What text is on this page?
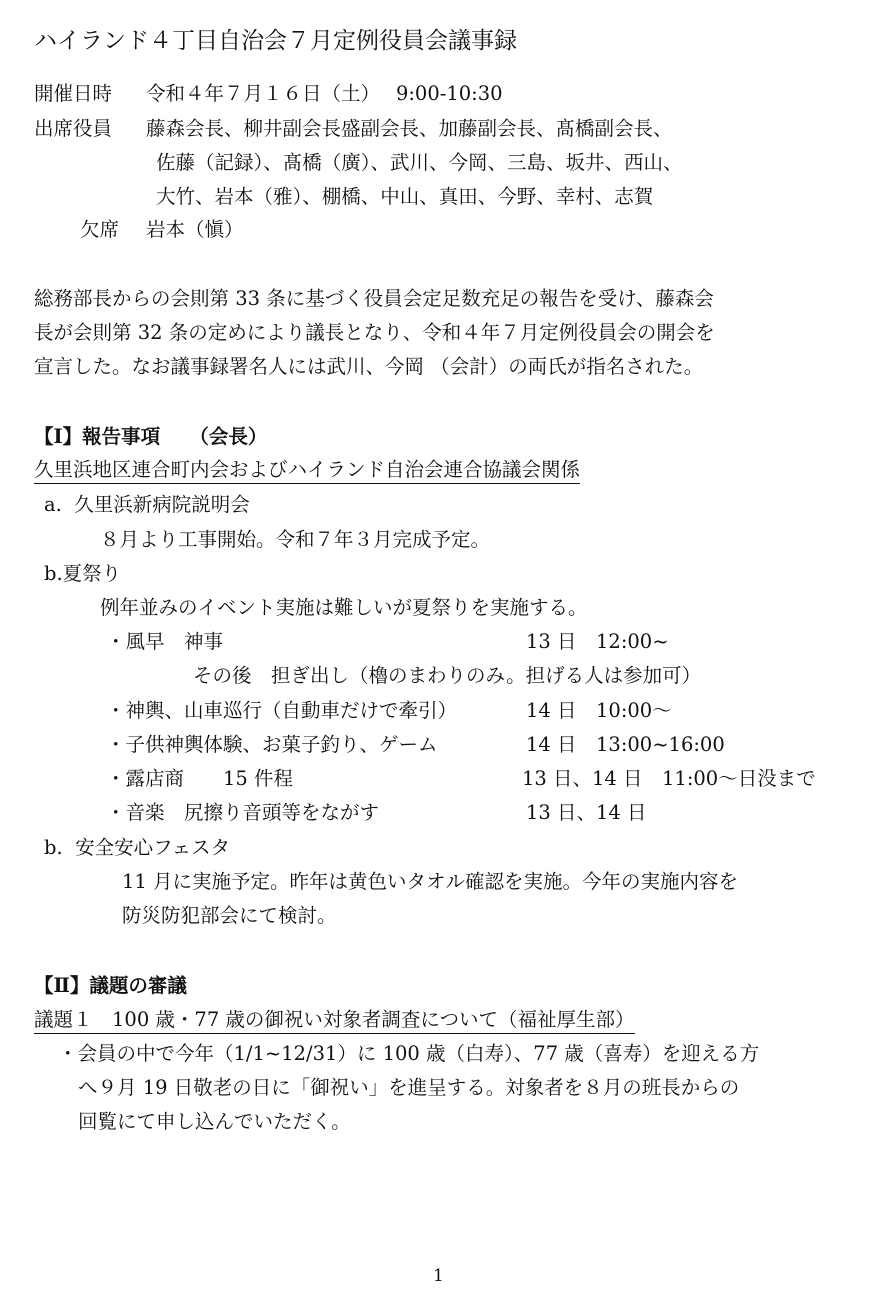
ハイランド４丁目自治会７月定例役員会議事録
開催日時 令和４年７月１６日（土）　 9:00-10:30
出席役員 藤森会長、柳井副会長盛副会長、加藤副会長、髙橋副会長、
佐藤（記録）、髙橋（廣）、武川、今岡、三島、坂井、西山、
大竹、岩本（雅）、棚橋、中山、真田、今野、幸村、志賀
欠席 岩本（愼）
総務部長からの会則第 33 条に基づく役員会定足数充足の報告を受け、藤森会
長が会則第 32 条の定めにより議長となり、令和４年７月定例役員会の開会を
宣言した。なお議事録署名人には武川、今岡 （会計）の両氏が指名された。
【Ⅰ】報告事項　　（会長）
久里浜地区連合町内会およびハイランド自治会連合協議会関係
a.  久里浜新病院説明会
８月より工事開始。令和７年３月完成予定。
b.夏祭り
例年並みのイベント実施は難しいが夏祭りを実施する。
・風早　神事	13 日　12:00~
その後　担ぎ出し（櫓のまわりのみ。担げる人は参加可）
・神輿、山車巡行（自動車だけで牽引）	14 日　10:00～
・子供神輿体験、お菓子釣り、ゲーム	14 日　13:00~16:00
・露店商　　15 件程	13 日、14 日　11:00～日没まで
・音楽　尻擦り音頭等をながす	13 日、14 日
b.  安全安心フェスタ
11 月に実施予定。昨年は黄色いタオル確認を実施。今年の実施内容を
防災防犯部会にて検討。
【Ⅱ】議題の審議
議題１　100 歳・77 歳の御祝い対象者調査について（福祉厚生部）
・会員の中で今年（1/1~12/31）に 100 歳（白寿）、77 歳（喜寿）を迎える方
へ９月 19 日敬老の日に「御祝い」を進呈する。対象者を８月の班長からの
回覧にて申し込んでいただく。
1
